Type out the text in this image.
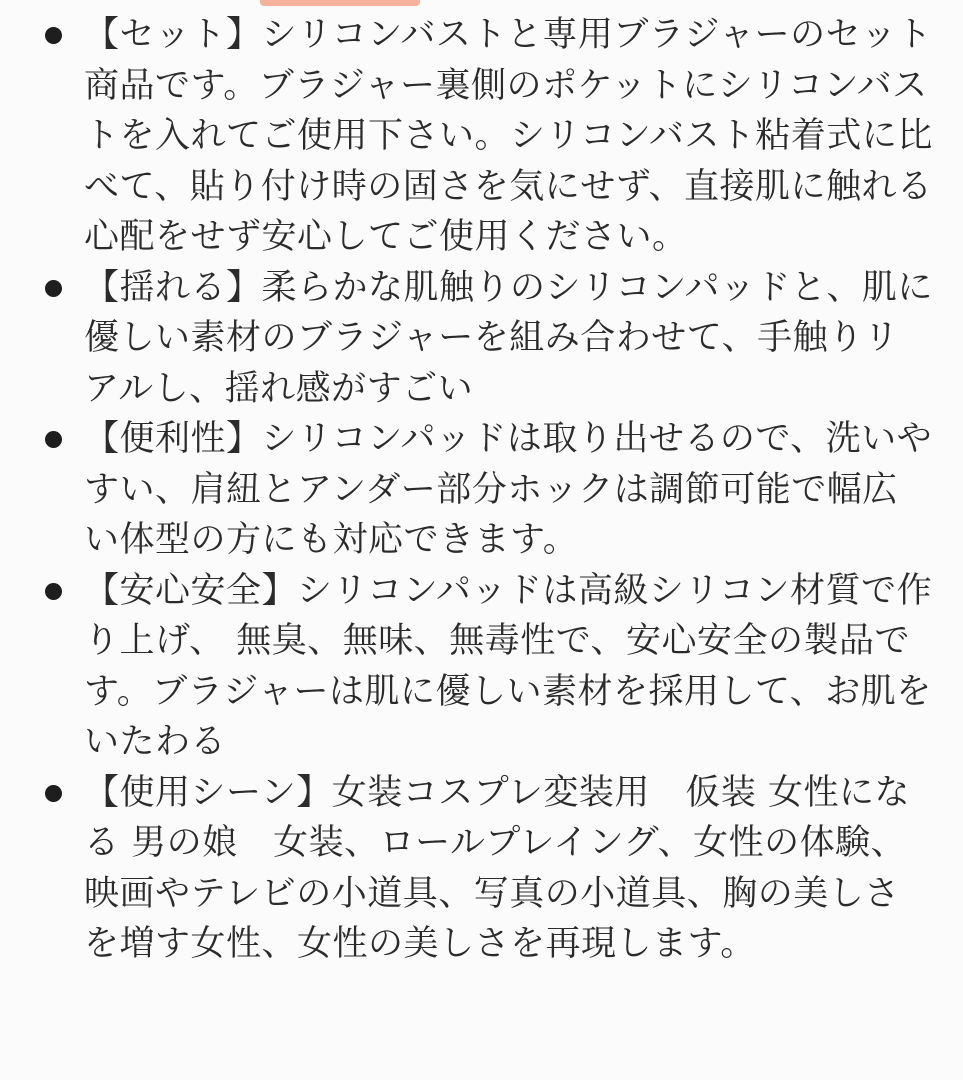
【セット】シリコンバストと専用ブラジャーのセット商品です。ブラジャー裏側のポケットにシリコンバストを入れてご使用下さい。シリコンバスト粘着式に比べて、貼り付け時の固さを気にせず、直接肌に触れる心配をせず安心してご使用ください。
【揺れる】柔らかな肌触りのシリコンパッドと、肌に優しい素材のブラジャーを組み合わせて、手触りリアルし、揺れ感がすごい
【便利性】シリコンパッドは取り出せるので、洗いやすい、肩紐とアンダー部分ホックは調節可能で幅広い体型の方にも対応できます。
【安心安全】シリコンパッドは高級シリコン材質で作り上げ、 無臭、無味、無毒性で、安心安全の製品です。ブラジャーは肌に優しい素材を採用して、お肌をいたわる
【使用シーン】女装コスプレ変装用　仮装 女性になる 男の娘　女装、ロールプレイング、女性の体験、映画やテレビの小道具、写真の小道具、胸の美しさを増す女性、女性の美しさを再現します。
